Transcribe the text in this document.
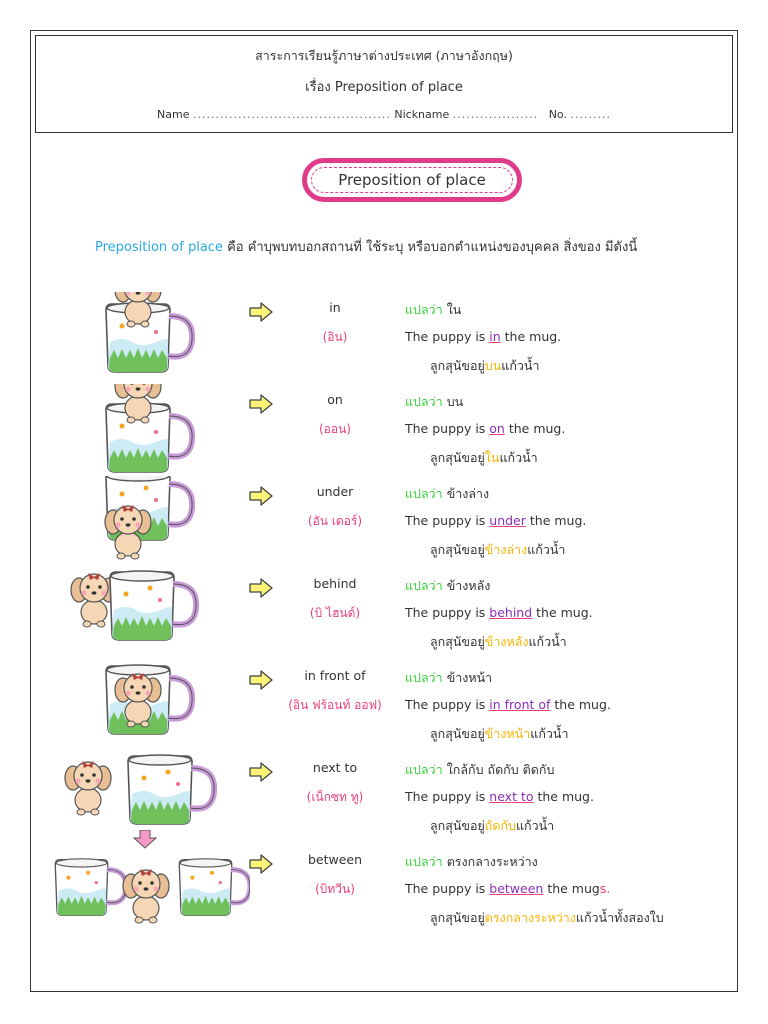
สาระการเรียนรู้ภาษาต่างประเทศ (ภาษาอังกฤษ)
เรื่อง Preposition of place
Name ............................................ Nickname ................... No. .........
Preposition of place
Preposition of place คือ คำบุพบทบอกสถานที่ ใช้ระบุ หรือบอกตำแหน่งของบุคคล สิ่งของ มีดังนี้
in
(อิน)
แปลว่า ใน
The puppy is in the mug.
ลูกสุนัขอยู่บนแก้วน้ำ
on
(ออน)
แปลว่า บน
The puppy is on the mug.
ลูกสุนัขอยู่ในแก้วน้ำ
under
(อัน เดอร์)
แปลว่า ข้างล่าง
The puppy is under the mug.
ลูกสุนัขอยู่ข้างล่างแก้วน้ำ
behind
(บิ ไฮนด์)
แปลว่า ข้างหลัง
The puppy is behind the mug.
ลูกสุนัขอยู่ข้างหลังแก้วน้ำ
in front of
(อิน ฟร้อนท์ ออฟ)
แปลว่า ข้างหน้า
The puppy is in front of the mug.
ลูกสุนัขอยู่ข้างหน้าแก้วน้ำ
next to
(เน็กซท ทู)
แปลว่า ใกล้กับ ถัดกับ ติดกับ
The puppy is next to the mug.
ลูกสุนัขอยู่ถัดกับแก้วน้ำ
between
(บิทวีน)
แปลว่า ตรงกลางระหว่าง
The puppy is between the mugs.
ลูกสุนัขอยู่ตรงกลางระหว่างแก้วน้ำทั้งสองใบ
